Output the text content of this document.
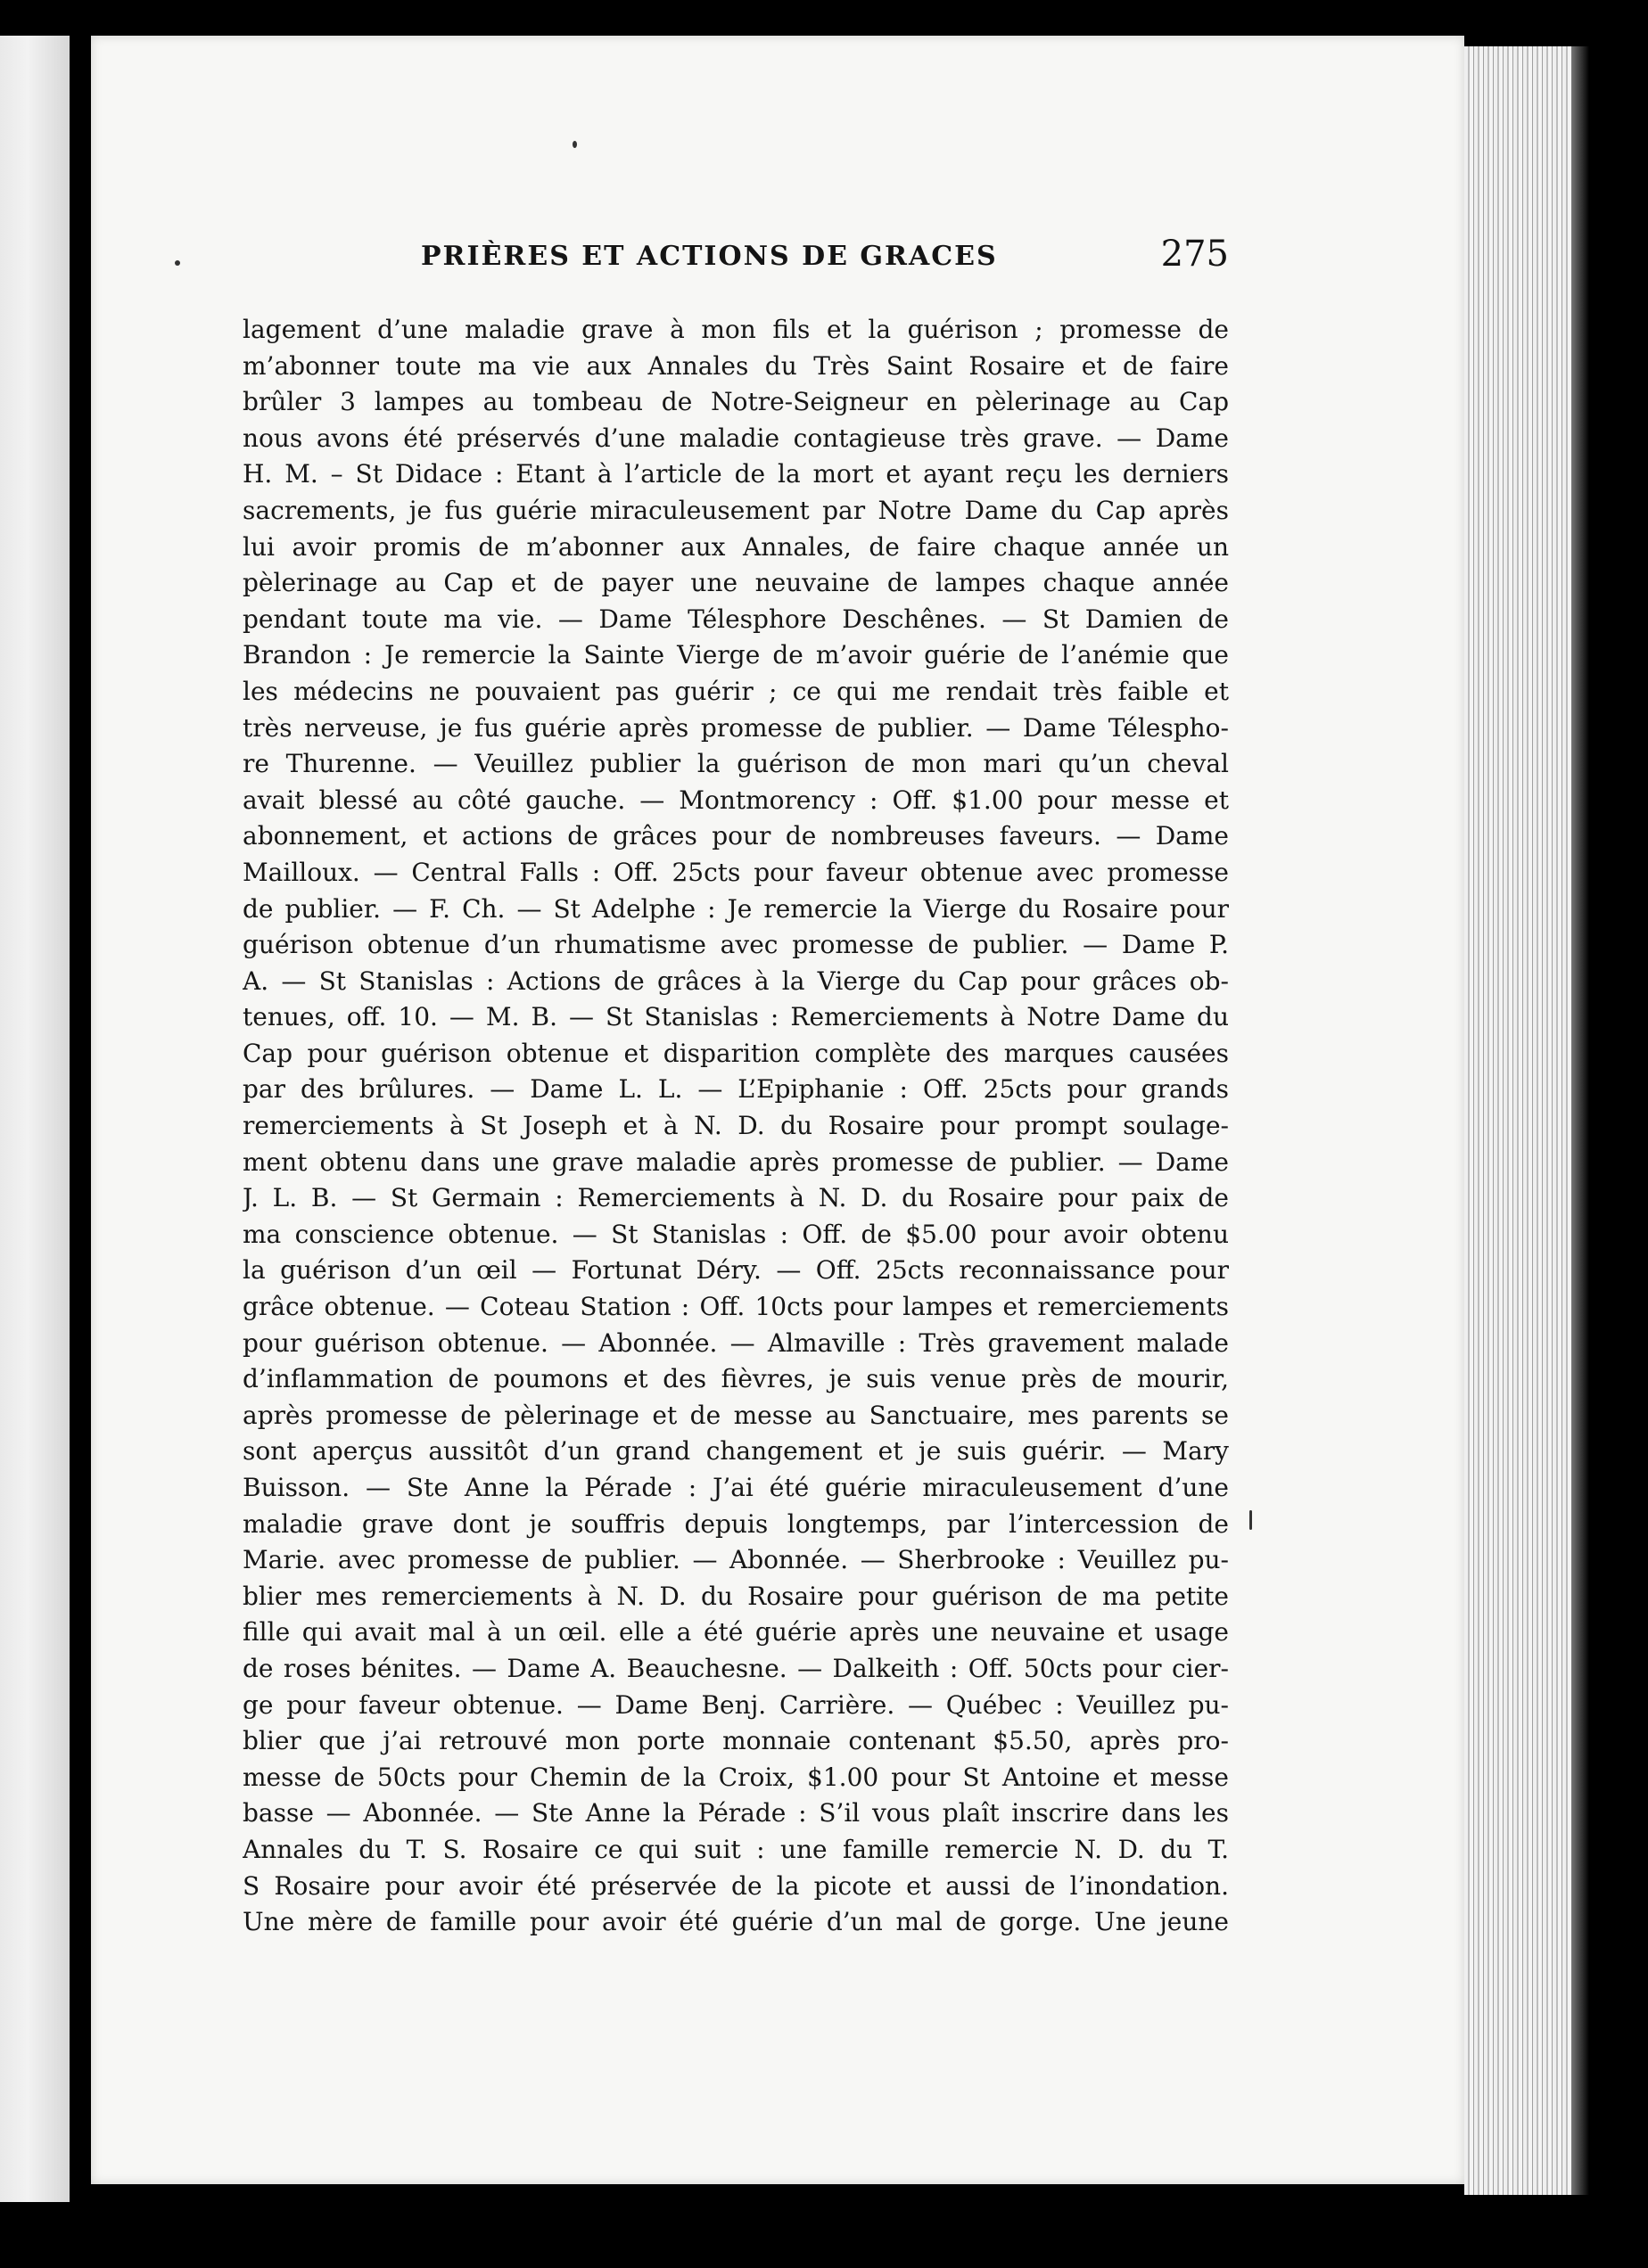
PRIÈRES ET ACTIONS DE GRACES	275
lagement d’une maladie grave à mon fils et la guérison ; promesse de
m’abonner toute ma vie aux Annales du Très Saint Rosaire et de faire
brûler 3 lampes au tombeau de Notre-Seigneur en pèlerinage au Cap
nous avons été préservés d’une maladie contagieuse très grave. — Dame
H. M. – St Didace : Etant à l’article de la mort et ayant reçu les derniers
sacrements, je fus guérie miraculeusement par Notre Dame du Cap après
lui avoir promis de m’abonner aux Annales, de faire chaque année un
pèlerinage au Cap et de payer une neuvaine de lampes chaque année
pendant toute ma vie. — Dame Télesphore Deschênes. — St Damien de
Brandon : Je remercie la Sainte Vierge de m’avoir guérie de l’anémie que
les médecins ne pouvaient pas guérir ; ce qui me rendait très faible et
très nerveuse, je fus guérie après promesse de publier. — Dame Télespho-
re Thurenne. — Veuillez publier la guérison de mon mari qu’un cheval
avait blessé au côté gauche. — Montmorency : Off. $1.00 pour messe et
abonnement, et actions de grâces pour de nombreuses faveurs. — Dame
Mailloux. — Central Falls : Off. 25cts pour faveur obtenue avec promesse
de publier. — F. Ch. — St Adelphe : Je remercie la Vierge du Rosaire pour
guérison obtenue d’un rhumatisme avec promesse de publier. — Dame P.
A. — St Stanislas : Actions de grâces à la Vierge du Cap pour grâces ob-
tenues, off. 10. — M. B. — St Stanislas : Remerciements à Notre Dame du
Cap pour guérison obtenue et disparition complète des marques causées
par des brûlures. — Dame L. L. — L’Epiphanie : Off. 25cts pour grands
remerciements à St Joseph et à N. D. du Rosaire pour prompt soulage-
ment obtenu dans une grave maladie après promesse de publier. — Dame
J. L. B. — St Germain : Remerciements à N. D. du Rosaire pour paix de
ma conscience obtenue. — St Stanislas : Off. de $5.00 pour avoir obtenu
la guérison d’un œil — Fortunat Déry. — Off. 25cts reconnaissance pour
grâce obtenue. — Coteau Station : Off. 10cts pour lampes et remerciements
pour guérison obtenue. — Abonnée. — Almaville : Très gravement malade
d’inflammation de poumons et des fièvres, je suis venue près de mourir,
après promesse de pèlerinage et de messe au Sanctuaire, mes parents se
sont aperçus aussitôt d’un grand changement et je suis guérir. — Mary
Buisson. — Ste Anne la Pérade : J’ai été guérie miraculeusement d’une
maladie grave dont je souffris depuis longtemps, par l’intercession de
Marie. avec promesse de publier. — Abonnée. — Sherbrooke : Veuillez pu-
blier mes remerciements à N. D. du Rosaire pour guérison de ma petite
fille qui avait mal à un œil. elle a été guérie après une neuvaine et usage
de roses bénites. — Dame A. Beauchesne. — Dalkeith : Off. 50cts pour cier-
ge pour faveur obtenue. — Dame Benj. Carrière. — Québec : Veuillez pu-
blier que j’ai retrouvé mon porte monnaie contenant $5.50, après pro-
messe de 50cts pour Chemin de la Croix, $1.00 pour St Antoine et messe
basse — Abonnée. — Ste Anne la Pérade : S’il vous plaît inscrire dans les
Annales du T. S. Rosaire ce qui suit : une famille remercie N. D. du T.
S Rosaire pour avoir été préservée de la picote et aussi de l’inondation.
Une mère de famille pour avoir été guérie d’un mal de gorge. Une jeune
